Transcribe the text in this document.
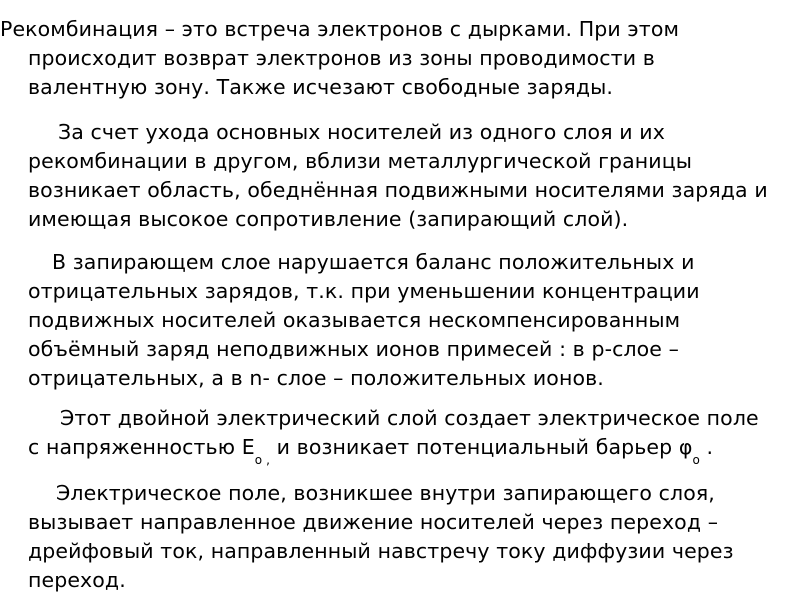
Рекомбинация – это встреча электронов с дырками. При этом
происходит возврат электронов из зоны проводимости в
валентную зону. Также исчезают свободные заряды.

За счет ухода основных носителей из одного слоя и их
рекомбинации в другом, вблизи металлургической границы
возникает область, обеднённая подвижными носителями заряда и
имеющая высокое сопротивление (запирающий слой).

В запирающем слое нарушается баланс положительных и
отрицательных зарядов, т.к. при уменьшении концентрации
подвижных носителей оказывается нескомпенсированным
объёмный заряд неподвижных ионов примесей : в p-слое –
отрицательных, а в n- слое – положительных ионов.

Этот двойной электрический слой создает электрическое поле
с напряженностью $Е_{о ,}$ и возникает потенциальный барьер $\varphi_о$ .

Электрическое поле, возникшее внутри запирающего слоя,
вызывает направленное движение носителей через переход –
дрейфовый ток, направленный навстречу току диффузии через
переход.
